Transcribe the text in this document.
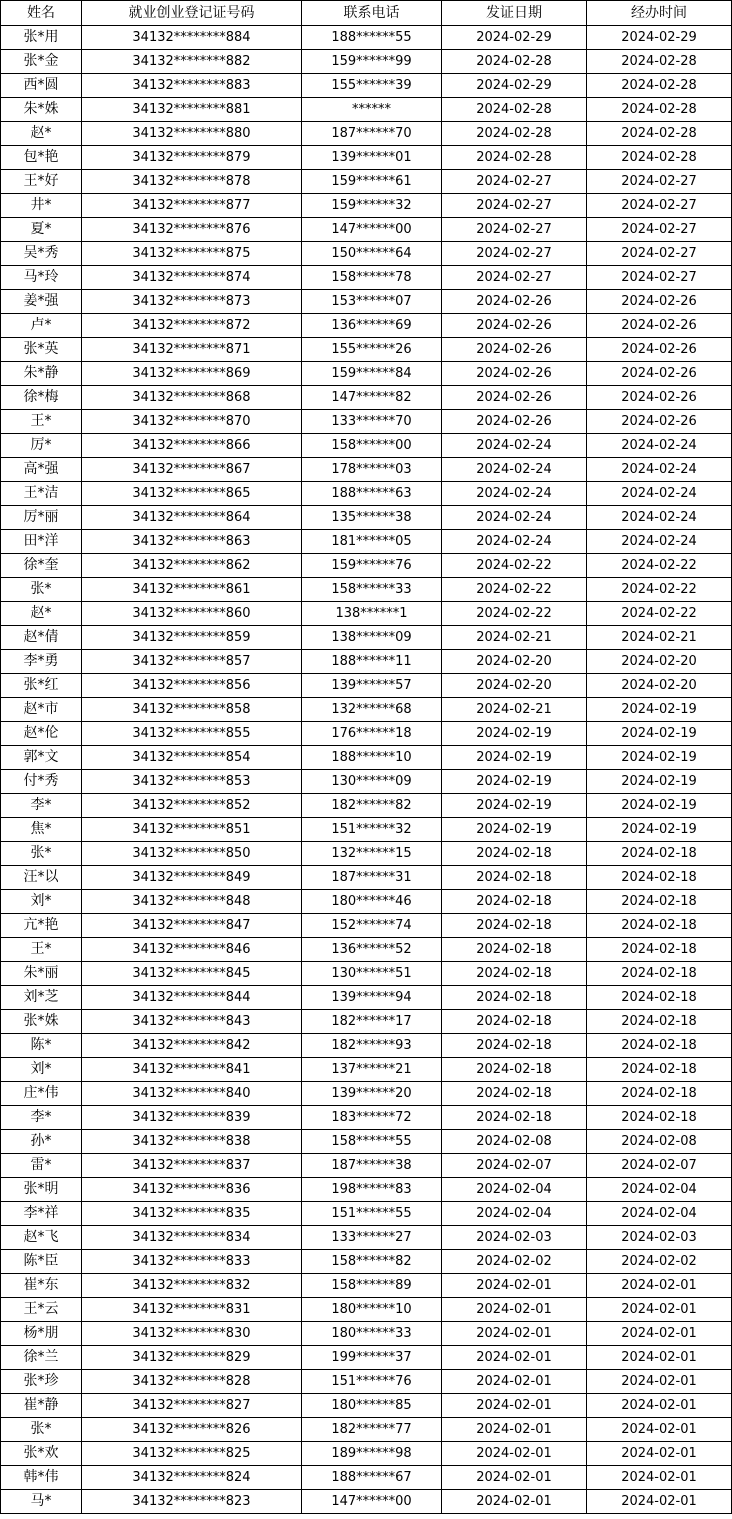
姓名	就业创业登记证号码	联系电话	发证日期	经办时间
张*用	34132********884	188******55	2024-02-29	2024-02-29
张*金	34132********882	159******99	2024-02-28	2024-02-28
西*圆	34132********883	155******39	2024-02-29	2024-02-28
朱*姝	34132********881	******	2024-02-28	2024-02-28
赵*	34132********880	187******70	2024-02-28	2024-02-28
包*艳	34132********879	139******01	2024-02-28	2024-02-28
王*好	34132********878	159******61	2024-02-27	2024-02-27
井*	34132********877	159******32	2024-02-27	2024-02-27
夏*	34132********876	147******00	2024-02-27	2024-02-27
吴*秀	34132********875	150******64	2024-02-27	2024-02-27
马*玲	34132********874	158******78	2024-02-27	2024-02-27
姜*强	34132********873	153******07	2024-02-26	2024-02-26
卢*	34132********872	136******69	2024-02-26	2024-02-26
张*英	34132********871	155******26	2024-02-26	2024-02-26
朱*静	34132********869	159******84	2024-02-26	2024-02-26
徐*梅	34132********868	147******82	2024-02-26	2024-02-26
王*	34132********870	133******70	2024-02-26	2024-02-26
厉*	34132********866	158******00	2024-02-24	2024-02-24
高*强	34132********867	178******03	2024-02-24	2024-02-24
王*洁	34132********865	188******63	2024-02-24	2024-02-24
厉*丽	34132********864	135******38	2024-02-24	2024-02-24
田*洋	34132********863	181******05	2024-02-24	2024-02-24
徐*奎	34132********862	159******76	2024-02-22	2024-02-22
张*	34132********861	158******33	2024-02-22	2024-02-22
赵*	34132********860	138******1	2024-02-22	2024-02-22
赵*倩	34132********859	138******09	2024-02-21	2024-02-21
李*勇	34132********857	188******11	2024-02-20	2024-02-20
张*红	34132********856	139******57	2024-02-20	2024-02-20
赵*市	34132********858	132******68	2024-02-21	2024-02-19
赵*伦	34132********855	176******18	2024-02-19	2024-02-19
郭*文	34132********854	188******10	2024-02-19	2024-02-19
付*秀	34132********853	130******09	2024-02-19	2024-02-19
李*	34132********852	182******82	2024-02-19	2024-02-19
焦*	34132********851	151******32	2024-02-19	2024-02-19
张*	34132********850	132******15	2024-02-18	2024-02-18
汪*以	34132********849	187******31	2024-02-18	2024-02-18
刘*	34132********848	180******46	2024-02-18	2024-02-18
亢*艳	34132********847	152******74	2024-02-18	2024-02-18
王*	34132********846	136******52	2024-02-18	2024-02-18
朱*丽	34132********845	130******51	2024-02-18	2024-02-18
刘*芝	34132********844	139******94	2024-02-18	2024-02-18
张*姝	34132********843	182******17	2024-02-18	2024-02-18
陈*	34132********842	182******93	2024-02-18	2024-02-18
刘*	34132********841	137******21	2024-02-18	2024-02-18
庄*伟	34132********840	139******20	2024-02-18	2024-02-18
李*	34132********839	183******72	2024-02-18	2024-02-18
孙*	34132********838	158******55	2024-02-08	2024-02-08
雷*	34132********837	187******38	2024-02-07	2024-02-07
张*明	34132********836	198******83	2024-02-04	2024-02-04
李*祥	34132********835	151******55	2024-02-04	2024-02-04
赵*飞	34132********834	133******27	2024-02-03	2024-02-03
陈*臣	34132********833	158******82	2024-02-02	2024-02-02
崔*东	34132********832	158******89	2024-02-01	2024-02-01
王*云	34132********831	180******10	2024-02-01	2024-02-01
杨*朋	34132********830	180******33	2024-02-01	2024-02-01
徐*兰	34132********829	199******37	2024-02-01	2024-02-01
张*珍	34132********828	151******76	2024-02-01	2024-02-01
崔*静	34132********827	180******85	2024-02-01	2024-02-01
张*	34132********826	182******77	2024-02-01	2024-02-01
张*欢	34132********825	189******98	2024-02-01	2024-02-01
韩*伟	34132********824	188******67	2024-02-01	2024-02-01
马*	34132********823	147******00	2024-02-01	2024-02-01
